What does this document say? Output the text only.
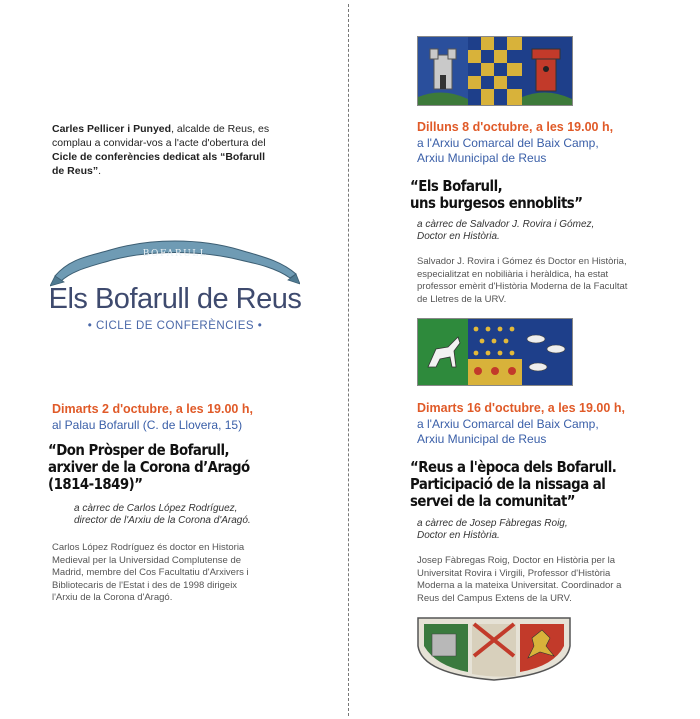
Carles Pellicer i Punyed, alcalde de Reus, es complau a convidar-vos a l'acte d'obertura del Cicle de conferències dedicat als “Bofarull de Reus”.
BOFARULL
Els Bofarull de Reus
• CICLE DE CONFERÈNCIES •
Dimarts 2 d'octubre, a les 19.00 h,
al Palau Bofarull (C. de Llovera, 15)
“Don Pròsper de Bofarull,
arxiver de la Corona d’Aragó
(1814-1849)”
a càrrec de Carlos López Rodríguez,
director de l'Arxiu de la Corona d'Aragó.
Carlos López Rodríguez és doctor en Historia
Medieval per la Universidad Complutense de
Madrid, membre del Cos Facultatiu d'Arxivers i
Bibliotecaris de l'Estat i des de 1998 dirigeix
l'Arxiu de la Corona d'Aragó.
Dilluns 8 d'octubre, a les 19.00 h,
a l'Arxiu Comarcal del Baix Camp,
Arxiu Municipal de Reus
“Els Bofarull,
uns burgesos ennoblits”
a càrrec de Salvador J. Rovira i Gómez,
Doctor en Història.
Salvador J. Rovira i Gómez és Doctor en Història,
especialitzat en nobiliària i heràldica, ha estat
professor emèrit d'Història Moderna de la Facultat
de Lletres de la URV.
Dimarts 16 d'octubre, a les 19.00 h,
a l'Arxiu Comarcal del Baix Camp,
Arxiu Municipal de Reus
“Reus a l'època dels Bofarull.
Participació de la nissaga al
servei de la comunitat”
a càrrec de Josep Fàbregas Roig,
Doctor en Història.
Josep Fàbregas Roig, Doctor en Història per la
Universitat Rovira i Virgili, Professor d'Història
Moderna a la mateixa Universitat. Coordinador a
Reus del Campus Extens de la URV.
